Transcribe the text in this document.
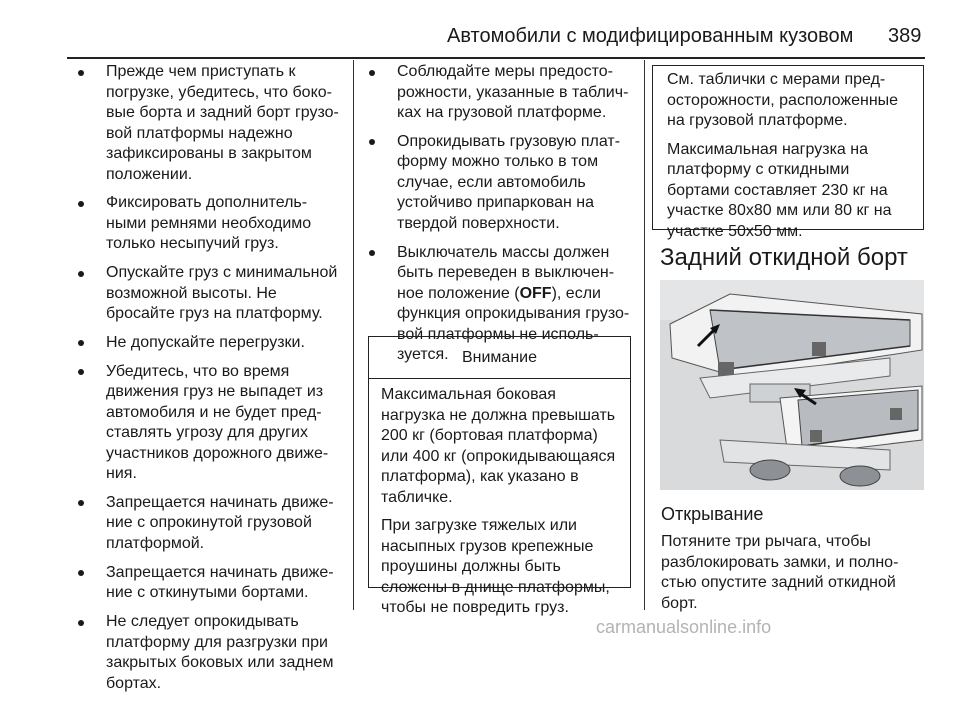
Автомобили с модифицированным кузовом 389
Прежде чем приступать к
погрузке, убедитесь, что боко-
вые борта и задний борт грузо-
вой платформы надежно
зафиксированы в закрытом
положении.
Фиксировать дополнитель-
ными ремнями необходимо
только несыпучий груз.
Опускайте груз с минимальной
возможной высоты. Не
бросайте груз на платформу.
Не допускайте перегрузки.
Убедитесь, что во время
движения груз не выпадет из
автомобиля и не будет пред-
ставлять угрозу для других
участников дорожного движе-
ния.
Запрещается начинать движе-
ние с опрокинутой грузовой
платформой.
Запрещается начинать движе-
ние с откинутыми бортами.
Не следует опрокидывать
платформу для разгрузки при
закрытых боковых или заднем
бортах.
Соблюдайте меры предосто-
рожности, указанные в таблич-
ках на грузовой платформе.
Опрокидывать грузовую плат-
форму можно только в том
случае, если автомобиль
устойчиво припаркован на
твердой поверхности.
Выключатель массы должен
быть переведен в выключен-
ное положение (OFF), если
функция опрокидывания грузо-
вой платформы не исполь-
зуется. Внимание

Максимальная боковая
нагрузка не должна превышать
200 кг (бортовая платформа)
или 400 кг (опрокидывающаяся
платформа), как указано в
табличке.

При загрузке тяжелых или
насыпных грузов крепежные
проушины должны быть
сложены в днище платформы,
чтобы не повредить груз.

См. таблички с мерами пред-
осторожности, расположенные
на грузовой платформе.

Максимальная нагрузка на
платформу с откидными
бортами составляет 230 кг на
участке 80x80 мм или 80 кг на
участке 50x50 мм.

Задний откидной борт
Открывание
Потяните три рычага, чтобы
разблокировать замки, и полно-
стью опустите задний откидной
борт.
carmanualsonline.info
